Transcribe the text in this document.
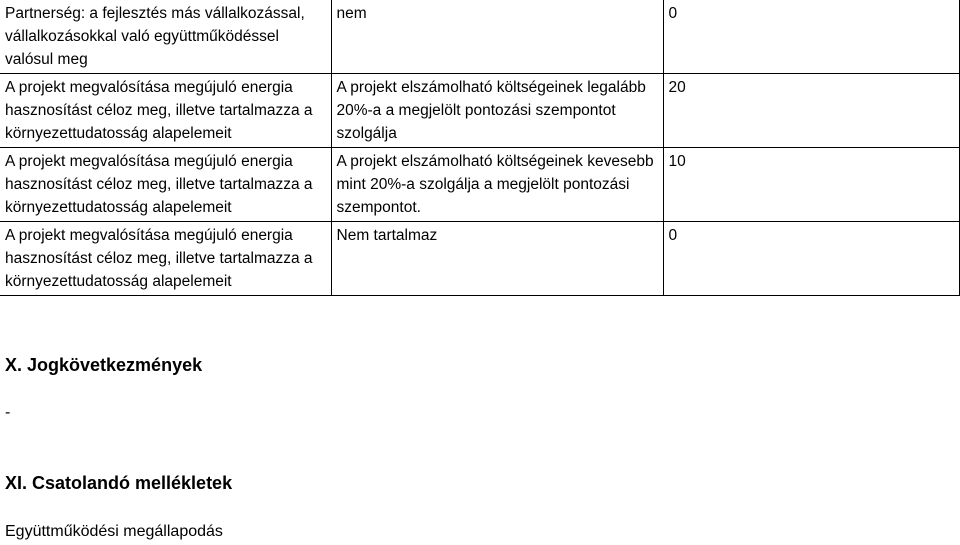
Partnerség: a fejlesztés más vállalkozással, vállalkozásokkal való együttműködéssel valósul meg	nem	0
A projekt megvalósítása megújuló energia hasznosítást céloz meg, illetve tartalmazza a környezettudatosság alapelemeit	A projekt elszámolható költségeinek legalább 20%-a a megjelölt pontozási szempontot szolgálja	20
A projekt megvalósítása megújuló energia hasznosítást céloz meg, illetve tartalmazza a környezettudatosság alapelemeit	A projekt elszámolható költségeinek kevesebb mint 20%-a szolgálja a megjelölt pontozási szempontot.	10
A projekt megvalósítása megújuló energia hasznosítást céloz meg, illetve tartalmazza a környezettudatosság alapelemeit	Nem tartalmaz	0
X. Jogkövetkezmények
-
XI. Csatolandó mellékletek
Együttműködési megállapodás
